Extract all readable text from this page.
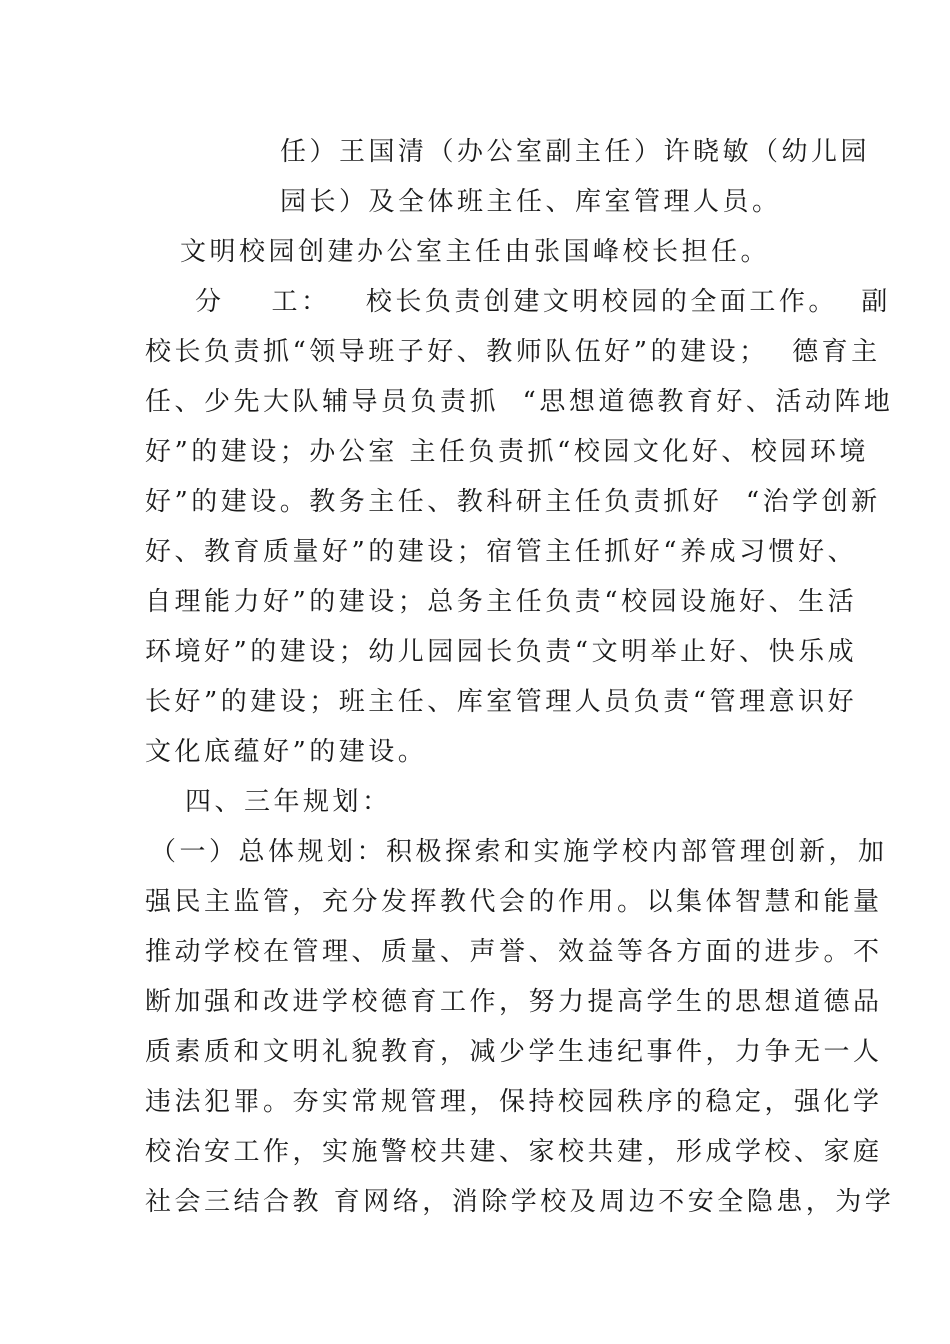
任）王国清（办公室副主任）许晓敏（幼儿园
园长）及全体班主任、库室管理人员。
文明校园创建办公室主任由张国峰校长担任。
分    工：   校长负责创建文明校园的全面工作。  副
校长负责抓“领导班子好、教师队伍好”的建设；  德育主
任、少先大队辅导员负责抓  “思想道德教育好、活动阵地
好”的建设；办公室 主任负责抓“校园文化好、校园环境
好”的建设。教务主任、教科研主任负责抓好  “治学创新
好、教育质量好”的建设；宿管主任抓好“养成习惯好、
自理能力好”的建设；总务主任负责“校园设施好、生活
环境好”的建设；幼儿园园长负责“文明举止好、快乐成
长好”的建设；班主任、库室管理人员负责“管理意识好
文化底蕴好”的建设。
四、三年规划：
（一）总体规划：积极探索和实施学校内部管理创新，加
强民主监管，充分发挥教代会的作用。以集体智慧和能量
推动学校在管理、质量、声誉、效益等各方面的进步。不
断加强和改进学校德育工作，努力提高学生的思想道德品
质素质和文明礼貌教育，减少学生违纪事件，力争无一人
违法犯罪。夯实常规管理，保持校园秩序的稳定，强化学
校治安工作，实施警校共建、家校共建，形成学校、家庭
社会三结合教 育网络，消除学校及周边不安全隐患，为学
